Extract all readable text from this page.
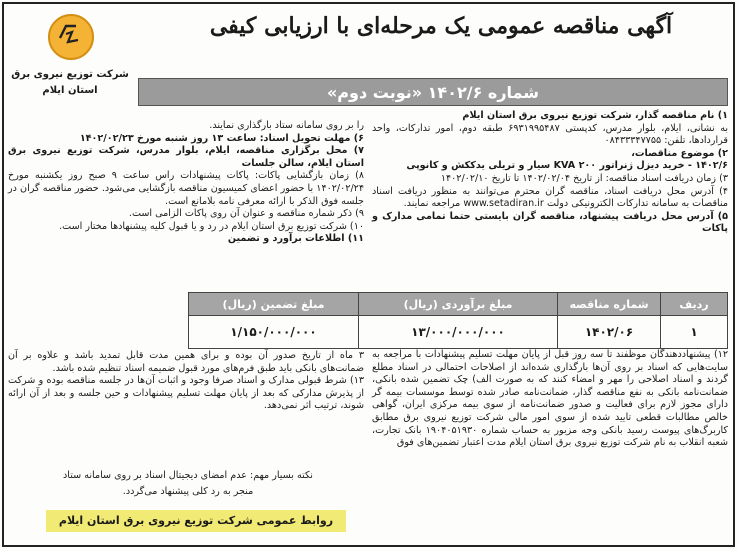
شرکت توزیع نیروی برق
استان ایلام
آگهی مناقصه عمومی یک مرحله‌ای با ارزیابی کیفی
شماره ۱۴۰۲/۶ «نوبت دوم»

۱) نام مناقصه گذار، شرکت توزیع نیروی برق استان ایلام

به نشانی، ایلام، بلوار مدرس، کدپستی ۶۹۳۱۹۹۵۴۸۷ طبقه دوم، امور تدارکات، واحد قراردادها، تلفن: ۰۸۴۳۳۳۴۷۷۵۵

۲) موضوع مناقصات،

۱۴۰۲/۶ - خرید دیزل ژنراتور ۲۰۰ KVA سیار و تریلی یدککش و کانوپی

۳) زمان دریافت اسناد مناقصه: از تاریخ ۱۴۰۲/۰۲/۰۴ تا تاریخ ۱۴۰۲/۰۲/۱۰

۴) آدرس محل دریافت اسناد، مناقصه گران محترم می‌توانند به منظور دریافت اسناد مناقصات به سامانه تدارکات الکترونیکی دولت www.setadiran.ir مراجعه نمایند.

۵) آدرس محل دریافت پیشنهاد، مناقصه گران بایستی حتما تمامی مدارک و پاکات

را بر روی سامانه ستاد بارگذاری نمایند.

۶) مهلت تحویل اسناد: ساعت ۱۳ روز شنبه مورخ ۱۴۰۲/۰۲/۲۳

۷) محل برگزاری مناقصه، ایلام، بلوار مدرس، شرکت توزیع نیروی برق استان ایلام، سالن جلسات

۸) زمان بازگشایی پاکات: پاکات پیشنهادات راس ساعت ۹ صبح روز یکشنبه مورخ ۱۴۰۲/۰۲/۲۴ با حضور اعضای کمیسیون مناقصه بازگشایی می‌شود. حضور مناقصه گران در جلسه فوق الذکر با ارائه معرفی نامه بلامانع است.

۹) ذکر شماره مناقصه و عنوان آن روی پاکات الزامی است.

۱۰) شرکت توزیع برق استان ایلام در رد و یا قبول کلیه پیشنهادها مختار است.

۱۱) اطلاعات برآورد و تضمین

ردیف	شماره مناقصه	مبلغ برآوردی (ریال)	مبلغ تضمین (ریال)
۱	۱۴۰۲/۰۶	۱۳/۰۰۰/۰۰۰/۰۰۰	۱/۱۵۰/۰۰۰/۰۰۰

۱۲) پیشنهاددهندگان موظفند تا سه روز قبل از پایان مهلت تسلیم پیشنهادات با مراجعه به سایت‌هایی که اسناد بر روی آن‌ها بارگذاری شده‌اند از اصلاحات احتمالی در اسناد مطلع گردند و اسناد اصلاحی را مهر و امضاء کنند که به صورت الف) چک تضمین شده بانکی، ضمانت‌نامه بانکی به نفع مناقصه گذار، ضمانت‌نامه صادر شده توسط موسسات بیمه گر دارای مجوز لازم برای فعالیت و صدور ضمانت‌نامه از سوی بیمه مرکزی ایران، گواهی خالص مطالبات قطعی تایید شده از سوی امور مالی شرکت توزیع نیروی برق مطابق کاربرگ‌های پیوست رسید بانکی وجه مزبور به حساب شماره ۱۹۰۴۰۵۱۹۳۰ بانک تجارت، شعبه انقلاب به نام شرکت توزیع نیروی برق استان ایلام مدت اعتبار تضمین‌های فوق

۳ ماه از تاریخ صدور آن بوده و برای همین مدت قابل تمدید باشد و علاوه بر آن ضمانت‌های بانکی باید طبق فرم‌های مورد قبول ضمیمه اسناد تنظیم شده باشد.

۱۳) شرط قبولی مدارک و اسناد صرفا وجود و اثبات آن‌ها در جلسه مناقصه بوده و شرکت از پذیرش مدارکی که بعد از پایان مهلت تسلیم پیشنهادات و حین جلسه و بعد از آن ارائه شوند، ترتیب اثر نمی‌دهد.

نکته بسیار مهم: عدم امضای دیجیتال اسناد بر روی سامانه ستاد
منجر به رد کلی پیشنهاد می‌گردد.
روابط عمومی شرکت توزیع نیروی برق استان ایلام
